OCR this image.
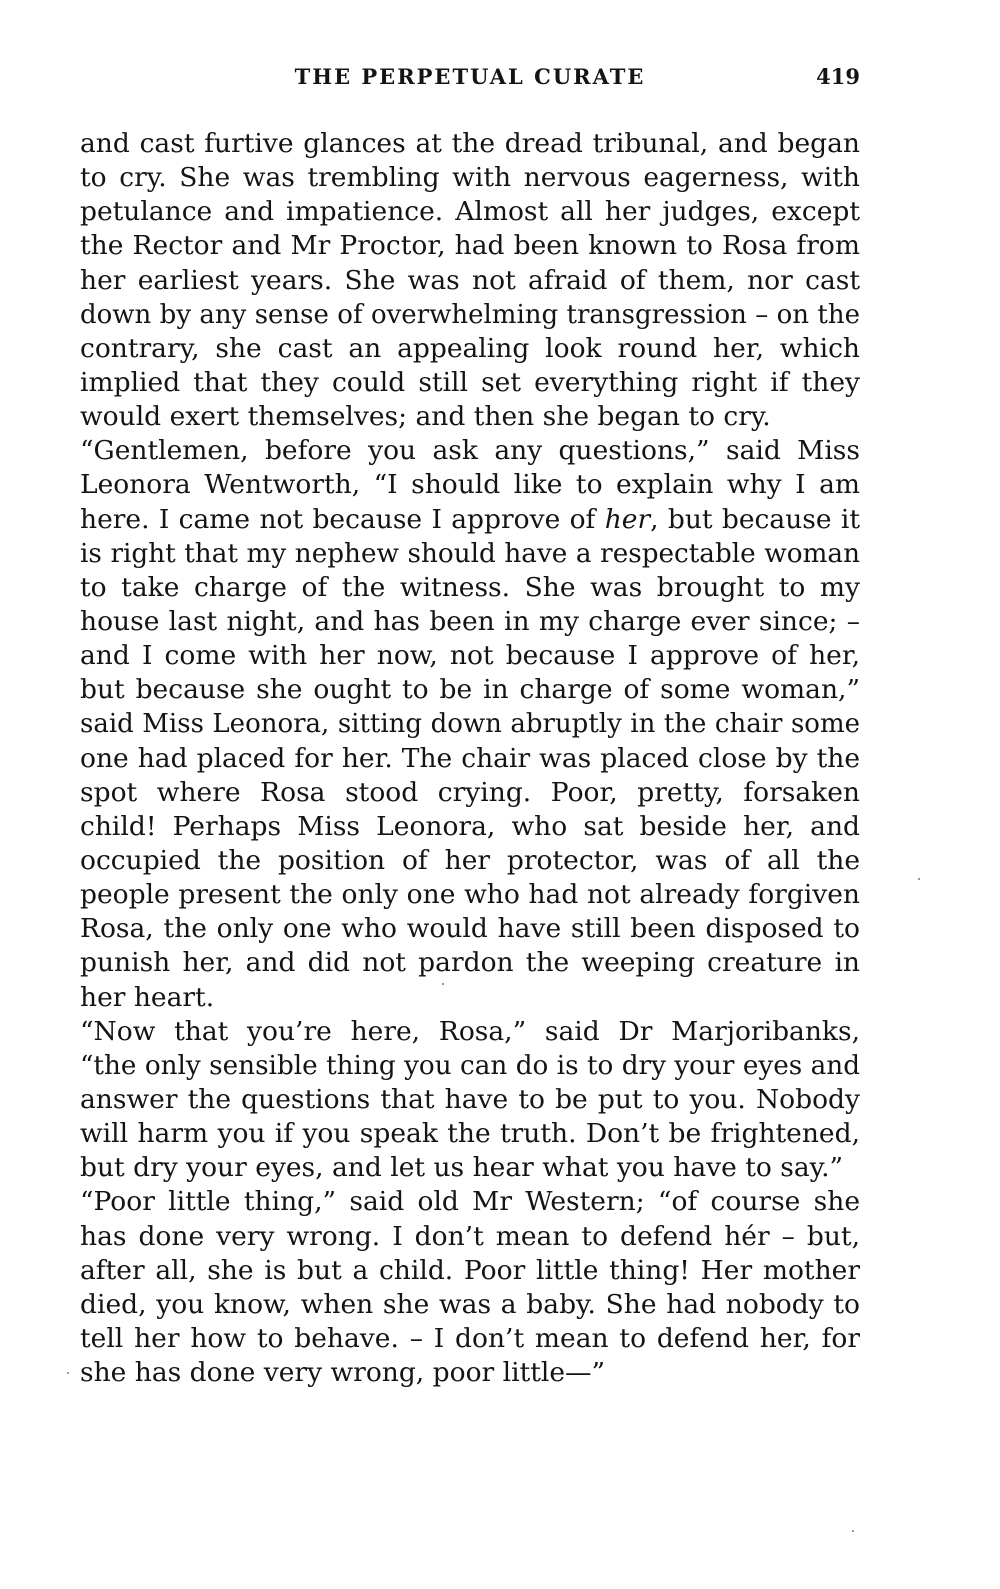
THE PERPETUAL CURATE	419
and cast furtive glances at the dread tribunal, and began
to cry. She was trembling with nervous eagerness, with
petulance and impatience. Almost all her judges, except
the Rector and Mr Proctor, had been known to Rosa from
her earliest years. She was not afraid of them, nor cast
down by any sense of overwhelming transgression – on the
contrary, she cast an appealing look round her, which
implied that they could still set everything right if they
would exert themselves; and then she began to cry.
“Gentlemen, before you ask any questions,” said Miss
Leonora Wentworth, “I should like to explain why I am
here. I came not because I approve of her, but because it
is right that my nephew should have a respectable woman
to take charge of the witness. She was brought to my
house last night, and has been in my charge ever since; –
and I come with her now, not because I approve of her,
but because she ought to be in charge of some woman,”
said Miss Leonora, sitting down abruptly in the chair some
one had placed for her. The chair was placed close by the
spot where Rosa stood crying. Poor, pretty, forsaken
child! Perhaps Miss Leonora, who sat beside her, and
occupied the position of her protector, was of all the
people present the only one who had not already forgiven
Rosa, the only one who would have still been disposed to
punish her, and did not pardon the weeping creature in
her heart.
“Now that you’re here, Rosa,” said Dr Marjoribanks,
“the only sensible thing you can do is to dry your eyes and
answer the questions that have to be put to you. Nobody
will harm you if you speak the truth. Don’t be frightened,
but dry your eyes, and let us hear what you have to say.”
“Poor little thing,” said old Mr Western; “of course she
has done very wrong. I don’t mean to defend hér – but,
after all, she is but a child. Poor little thing! Her mother
died, you know, when she was a baby. She had nobody to
tell her how to behave. – I don’t mean to defend her, for
she has done very wrong, poor little—”
